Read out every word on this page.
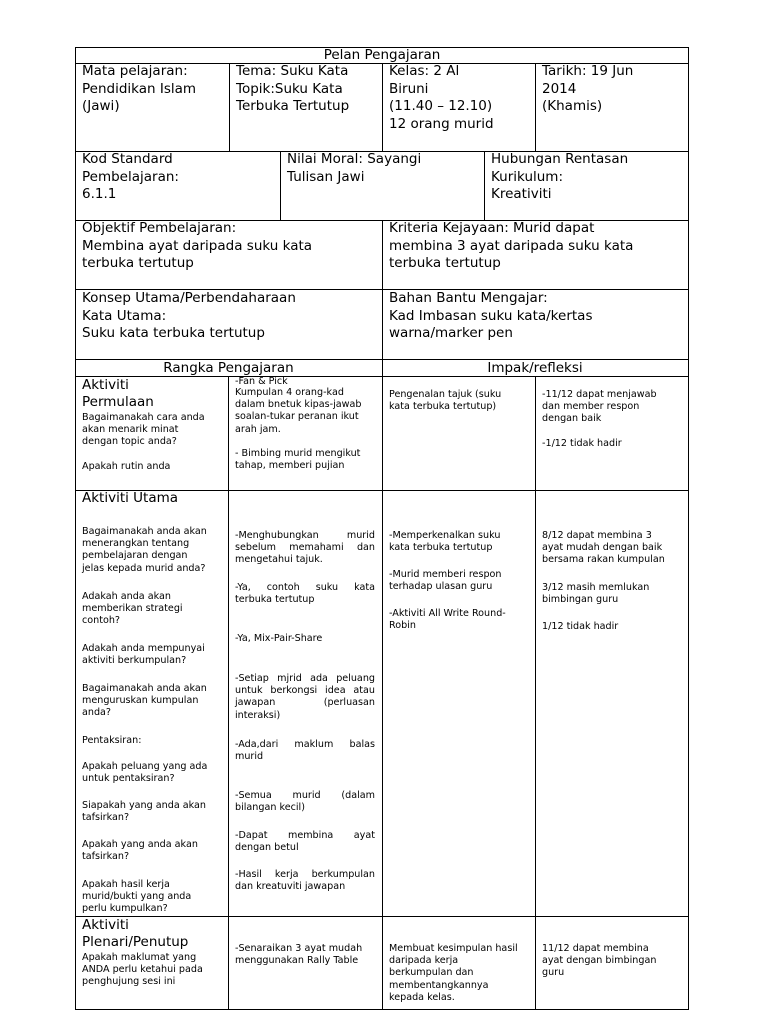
Pelan Pengajaran

Mata pelajaran:
Pendidikan Islam
(Jawi)

Tema: Suku Kata
Topik:Suku Kata
Terbuka Tertutup

Kelas: 2 Al
Biruni
(11.40 – 12.10)
12 orang murid

Tarikh: 19 Jun
2014
(Khamis)

Kod Standard
Pembelajaran:
6.1.1

Nilai Moral: Sayangi
Tulisan Jawi

Hubungan Rentasan
Kurikulum:
Kreativiti

Objektif Pembelajaran:
Membina ayat daripada suku kata
terbuka tertutup

Kriteria Kejayaan: Murid dapat
membina 3 ayat daripada suku kata
terbuka tertutup

Konsep Utama/Perbendaharaan
Kata Utama:
Suku kata terbuka tertutup

Bahan Bantu Mengajar:
Kad Imbasan suku kata/kertas
warna/marker pen

Rangka Pengajaran	Impak/refleksi

Aktiviti
Permulaan

Bagaimanakah cara anda
akan menarik minat
dengan topic anda?

Apakah rutin anda

-Fan & Pick

Kumpulan 4 orang-kad
dalam bnetuk kipas-jawab
soalan-tukar peranan ikut
arah jam.

- Bimbing murid mengikut
tahap, memberi pujian

Pengenalan tajuk (suku
kata terbuka tertutup)

-11/12 dapat menjawab
dan member respon
dengan baik

-1/12 tidak hadir

Aktiviti Utama

Bagaimanakah anda akan
menerangkan tentang
pembelajaran dengan
jelas kepada murid anda?

Adakah anda akan
memberikan strategi
contoh?

Adakah anda mempunyai
aktiviti berkumpulan?

Bagaimanakah anda akan
menguruskan kumpulan
anda?

Pentaksiran:

Apakah peluang yang ada
untuk pentaksiran?

Siapakah yang anda akan
tafsirkan?

Apakah yang anda akan
tafsirkan?

Apakah hasil kerja
murid/bukti yang anda
perlu kumpulkan?

-Menghubungkan murid sebelum memahami dan mengetahui tajuk.

-Ya, contoh suku kata terbuka tertutup

-Ya, Mix-Pair-Share

-Setiap mjrid ada peluang untuk berkongsi idea atau jawapan (perluasan interaksi)

-Ada,dari maklum balas murid

-Semua murid (dalam bilangan kecil)

-Dapat membina ayat dengan betul

-Hasil kerja berkumpulan dan kreatuviti jawapan

-Memperkenalkan suku
kata terbuka tertutup

-Murid memberi respon
terhadap ulasan guru

-Aktiviti All Write Round-
Robin

8/12 dapat membina 3
ayat mudah dengan baik
bersama rakan kumpulan

3/12 masih memlukan
bimbingan guru

1/12 tidak hadir

Aktiviti
Plenari/Penutup

Apakah maklumat yang
ANDA perlu ketahui pada
penghujung sesi ini

-Senaraikan 3 ayat mudah
menggunakan Rally Table

Membuat kesimpulan hasil
daripada kerja
berkumpulan dan
membentangkannya
kepada kelas.

11/12 dapat membina
ayat dengan bimbingan
guru
